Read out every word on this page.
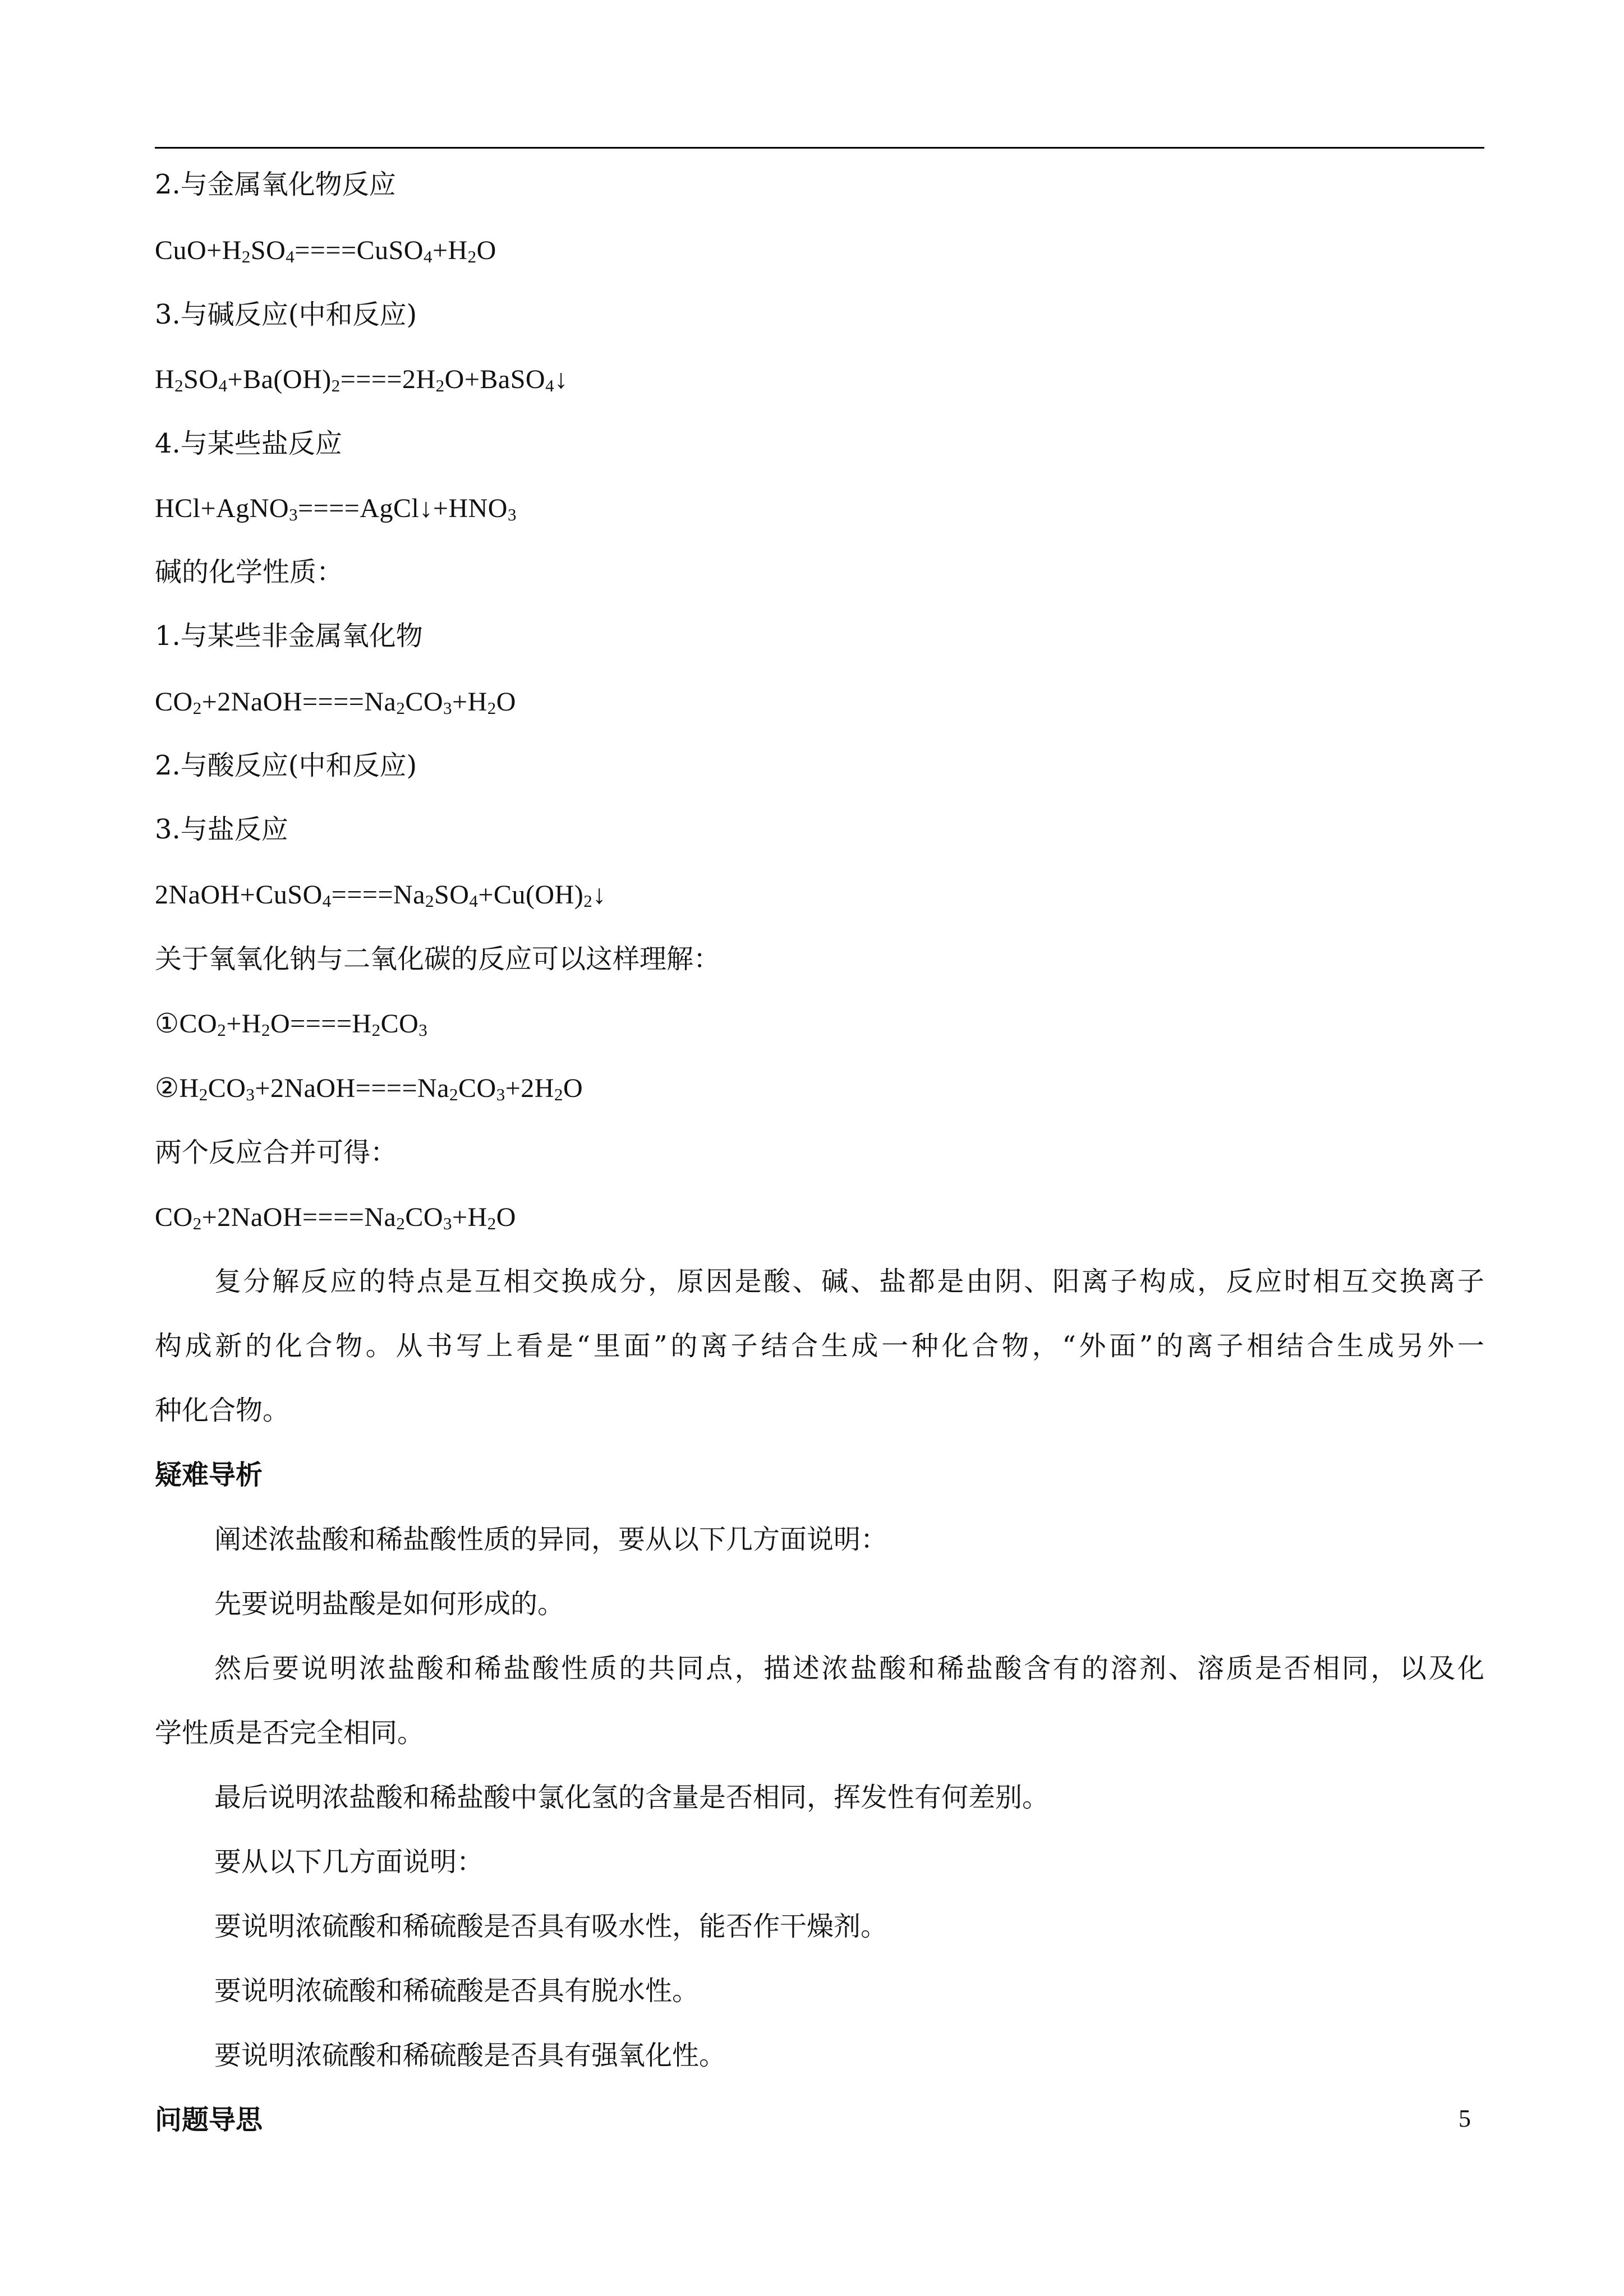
2.与金属氧化物反应

$CuO+H_2SO_4====CuSO_4+H_2O$

3.与碱反应(中和反应)

$H_2SO_4+Ba(OH)_2====2H_2O+BaSO_4↓$

4.与某些盐反应

$HCl+AgNO_3====AgCl↓+HNO_3$

碱的化学性质：

1.与某些非金属氧化物

$CO_2+2NaOH====Na_2CO_3+H_2O$

2.与酸反应(中和反应)

3.与盐反应

$2NaOH+CuSO_4====Na_2SO_4+Cu(OH)_2↓$

关于氧氧化钠与二氧化碳的反应可以这样理解：

$①CO_2+H_2O====H_2CO_3$

$②H_2CO_3+2NaOH====Na_2CO_3+2H_2O$

两个反应合并可得：

$CO_2+2NaOH====Na_2CO_3+H_2O$

复分解反应的特点是互相交换成分，原因是酸、碱、盐都是由阴、阳离子构成，反应时相互交换离子

构成新的化合物。从书写上看是“里面”的离子结合生成一种化合物，“外面”的离子相结合生成另外一

种化合物。

疑难导析

阐述浓盐酸和稀盐酸性质的异同，要从以下几方面说明：

先要说明盐酸是如何形成的。

然后要说明浓盐酸和稀盐酸性质的共同点，描述浓盐酸和稀盐酸含有的溶剂、溶质是否相同，以及化

学性质是否完全相同。

最后说明浓盐酸和稀盐酸中氯化氢的含量是否相同，挥发性有何差别。

要从以下几方面说明：

要说明浓硫酸和稀硫酸是否具有吸水性，能否作干燥剂。

要说明浓硫酸和稀硫酸是否具有脱水性。

要说明浓硫酸和稀硫酸是否具有强氧化性。

问题导思	5
